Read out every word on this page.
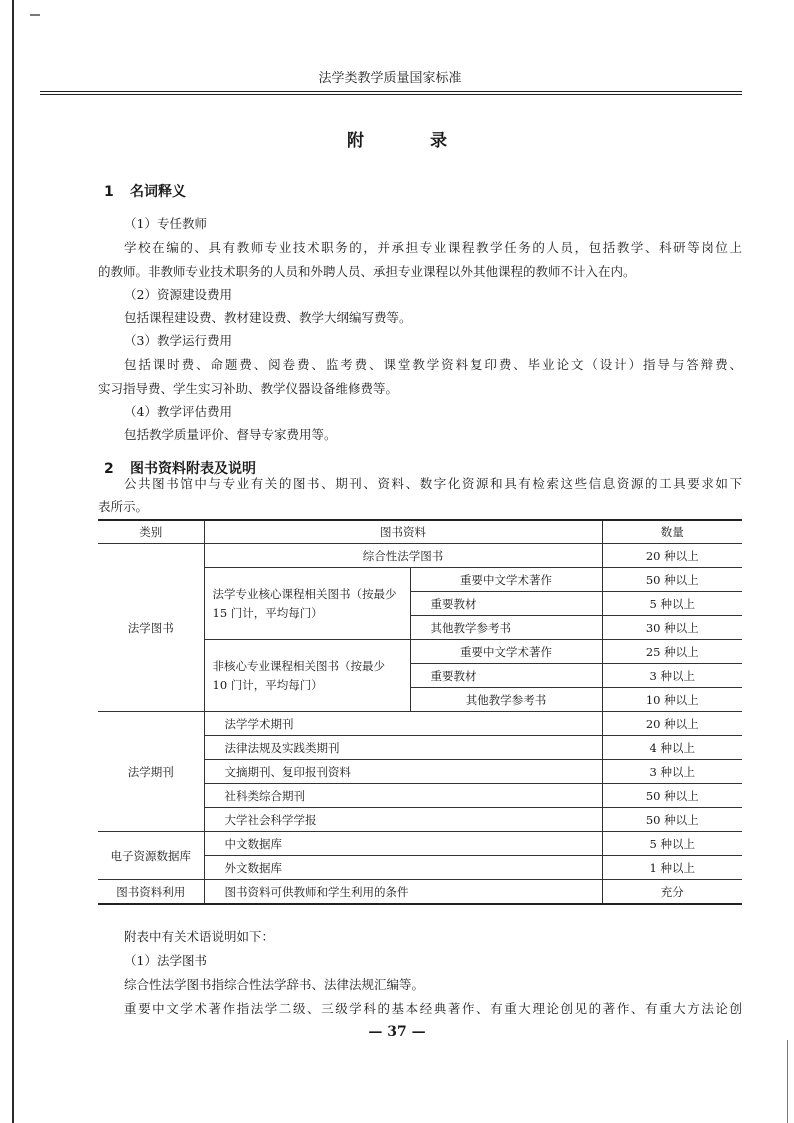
法学类教学质量国家标准
附 录
1 名词释义
（1）专任教师
学校在编的、具有教师专业技术职务的，并承担专业课程教学任务的人员，包括教学、科研等岗位上
的教师。非教师专业技术职务的人员和外聘人员、承担专业课程以外其他课程的教师不计入在内。
（2）资源建设费用
包括课程建设费、教材建设费、教学大纲编写费等。
（3）教学运行费用
包括课时费、命题费、阅卷费、监考费、课堂教学资料复印费、毕业论文（设计）指导与答辩费、
实习指导费、学生实习补助、教学仪器设备维修费等。
（4）教学评估费用
包括教学质量评价、督导专家费用等。
2 图书资料附表及说明
公共图书馆中与专业有关的图书、期刊、资料、数字化资源和具有检索这些信息资源的工具要求如下
表所示。
类别	图书资料		数量
法学图书	综合性法学图书		20 种以上
	法学专业核心课程相关图书（按最少 15 门计，平均每门）	重要中文学术著作	50 种以上
		重要教材	5 种以上
		其他教学参考书	30 种以上
	非核心专业课程相关图书（按最少 10 门计，平均每门）	重要中文学术著作	25 种以上
		重要教材	3 种以上
		其他教学参考书	10 种以上
法学期刊	法学学术期刊		20 种以上
	法律法规及实践类期刊		4 种以上
	文摘期刊、复印报刊资料		3 种以上
	社科类综合期刊		50 种以上
	大学社会科学学报		50 种以上
电子资源数据库	中文数据库		5 种以上
	外文数据库		1 种以上
图书资料利用	图书资料可供教师和学生利用的条件		充分
附表中有关术语说明如下：
（1）法学图书
综合性法学图书指综合性法学辞书、法律法规汇编等。
重要中文学术著作指法学二级、三级学科的基本经典著作、有重大理论创见的著作、有重大方法论创
— 37 —
